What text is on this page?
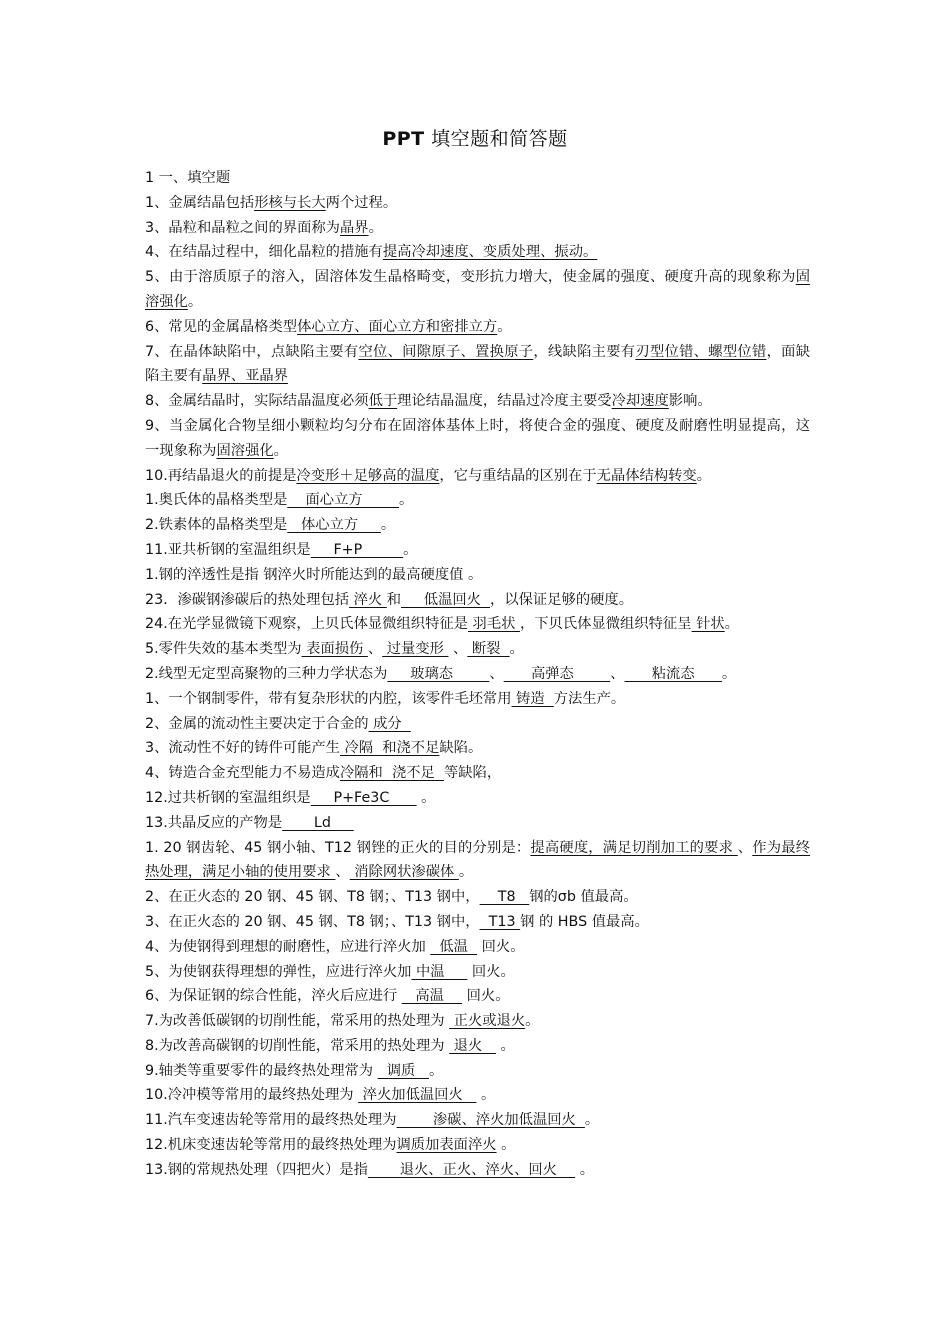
PPT 填空题和简答题
1 一、填空题
1、金属结晶包括形核与长大两个过程。
3、晶粒和晶粒之间的界面称为晶界。
4、在结晶过程中，细化晶粒的措施有提高冷却速度、变质处理、振动。
5、由于溶质原子的溶入，固溶体发生晶格畸变，变形抗力增大，使金属的强度、硬度升高的现象称为固溶强化。
6、常见的金属晶格类型体心立方、面心立方和密排立方。
7、在晶体缺陷中，点缺陷主要有空位、间隙原子、置换原子，线缺陷主要有刃型位错、螺型位错，面缺陷主要有晶界、亚晶界
8、金属结晶时，实际结晶温度必须低于理论结晶温度，结晶过冷度主要受冷却速度影响。
9、当金属化合物呈细小颗粒均匀分布在固溶体基体上时，将使合金的强度、硬度及耐磨性明显提高，这一现象称为固溶强化。
10.再结晶退火的前提是冷变形＋足够高的温度，它与重结晶的区别在于无晶体结构转变。
1.奥氏体的晶格类型是    面心立方        。
2.铁素体的晶格类型是   体心立方     。
11.亚共析钢的室温组织是     F+P         。
1.钢的淬透性是指 钢淬火时所能达到的最高硬度值 。
23．渗碳钢渗碳后的热处理包括 淬火 和     低温回火  ，以保证足够的硬度。
24.在光学显微镜下观察，上贝氏体显微组织特征是 羽毛状 ，下贝氏体显微组织特征呈 针状。
5.零件失效的基本类型为 表面损伤 、 过量变形  、 断裂  。
2.线型无定型高聚物的三种力学状态为     玻璃态        、      高弹态        、      粘流态      。
1、一个钢制零件，带有复杂形状的内腔，该零件毛坯常用 铸造  方法生产。
2、金属的流动性主要决定于合金的 成分
3、流动性不好的铸件可能产生 冷隔  和浇不足缺陷。
4、铸造合金充型能力不易造成冷隔和  浇不足  等缺陷，
12.过共析钢的室温组织是     P+Fe3C       。
13.共晶反应的产物是       Ld
1. 20 钢齿轮、45 钢小轴、T12 钢锉的正火的目的分别是：提高硬度，满足切削加工的要求 、作为最终热处理，满足小轴的使用要求 、 消除网状渗碳体 。
2、在正火态的 20 钢、45 钢、T8 钢；、T13 钢中，    T8   钢的σb 值最高。
3、在正火态的 20 钢、45 钢、T8 钢；、T13 钢中，  T13 钢 的 HBS 值最高。
4、为使钢得到理想的耐磨性，应进行淬火加   低温   回火。
5、为使钢获得理想的弹性，应进行淬火加 中温      回火。
6、为保证钢的综合性能，淬火后应进行    高温     回火。
7.为改善低碳钢的切削性能，常采用的热处理为  正火或退火。
8.为改善高碳钢的切削性能，常采用的热处理为  退火    。
9.轴类等重要零件的最终热处理常为   调质   。
10.冷冲模等常用的最终热处理为  淬火加低温回火    。
11.汽车变速齿轮等常用的最终热处理为        渗碳、淬火加低温回火  。
12.机床变速齿轮等常用的最终热处理为调质加表面淬火 。
13.钢的常规热处理（四把火）是指       退火、正火、淬火、回火     。
